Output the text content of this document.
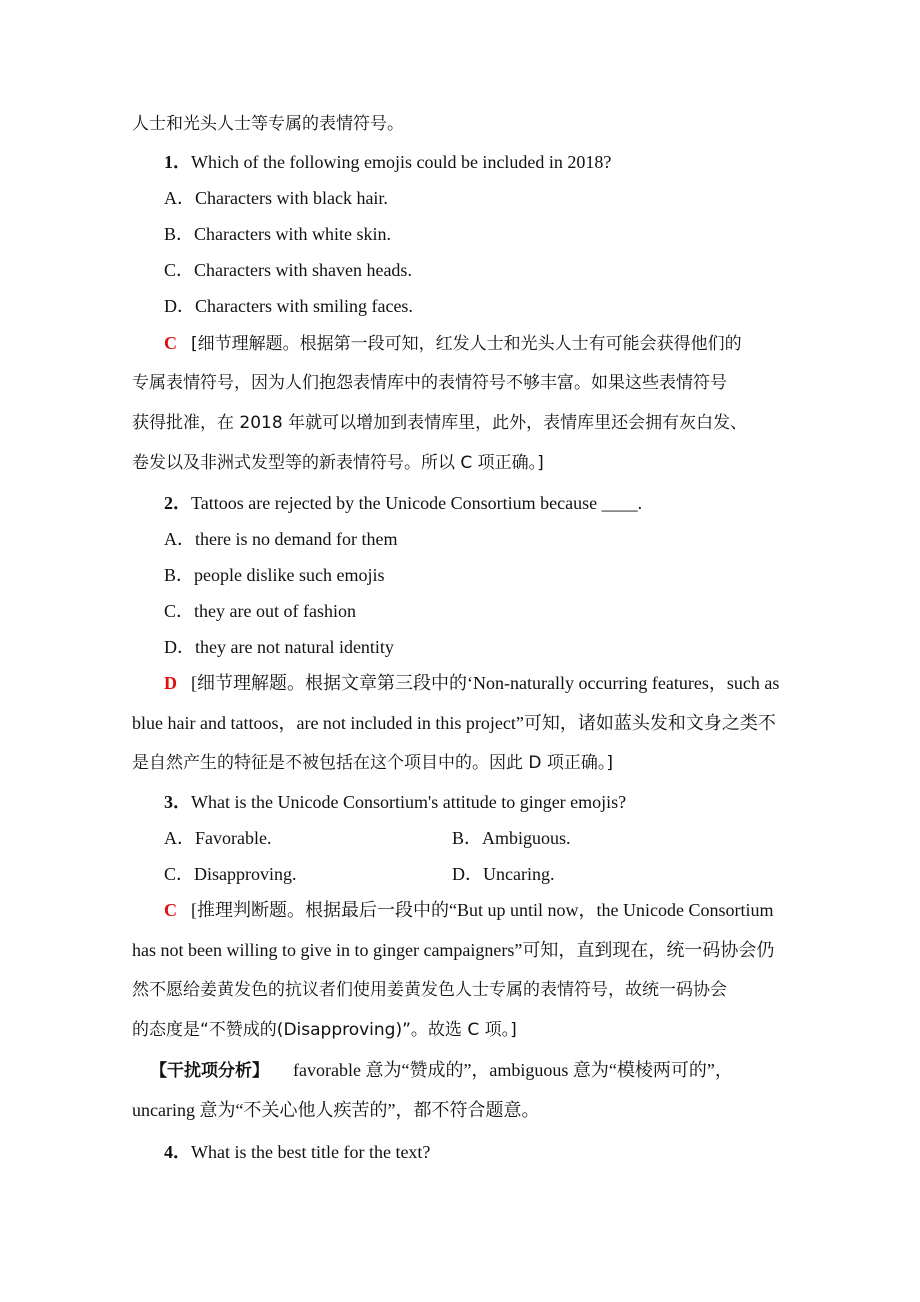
人士和光头人士等专属的表情符号。
1．Which of the following emojis could be included in 2018?
A．Characters with black hair.
B．Characters with white skin.
C．Characters with shaven heads.
D．Characters with smiling faces.
C [细节理解题。根据第一段可知，红发人士和光头人士有可能会获得他们的
专属表情符号，因为人们抱怨表情库中的表情符号不够丰富。如果这些表情符号
获得批准，在 2018 年就可以增加到表情库里，此外，表情库里还会拥有灰白发、
卷发以及非洲式发型等的新表情符号。所以 C 项正确。]
2．Tattoos are rejected by the Unicode Consortium because ____.
A．there is no demand for them
B．people dislike such emojis
C．they are out of fashion
D．they are not natural identity
D [细节理解题。根据文章第三段中的‘Non-naturally occurring features，such as
blue hair and tattoos，are not included in this project”可知，诸如蓝头发和文身之类不
是自然产生的特征是不被包括在这个项目中的。因此 D 项正确。]
3．What is the Unicode Consortium's attitude to ginger emojis?
A．Favorable.	B．Ambiguous.
C．Disapproving.	D．Uncaring.
C [推理判断题。根据最后一段中的“But up until now，the Unicode Consortium
has not been willing to give in to ginger campaigners”可知，直到现在，统一码协会仍
然不愿给姜黄发色的抗议者们使用姜黄发色人士专属的表情符号，故统一码协会
的态度是“不赞成的(Disapproving)”。故选 C 项。]
【干扰项分析】 favorable 意为“赞成的”，ambiguous 意为“模棱两可的”，
uncaring 意为“不关心他人疾苦的”，都不符合题意。
4．What is the best title for the text?
